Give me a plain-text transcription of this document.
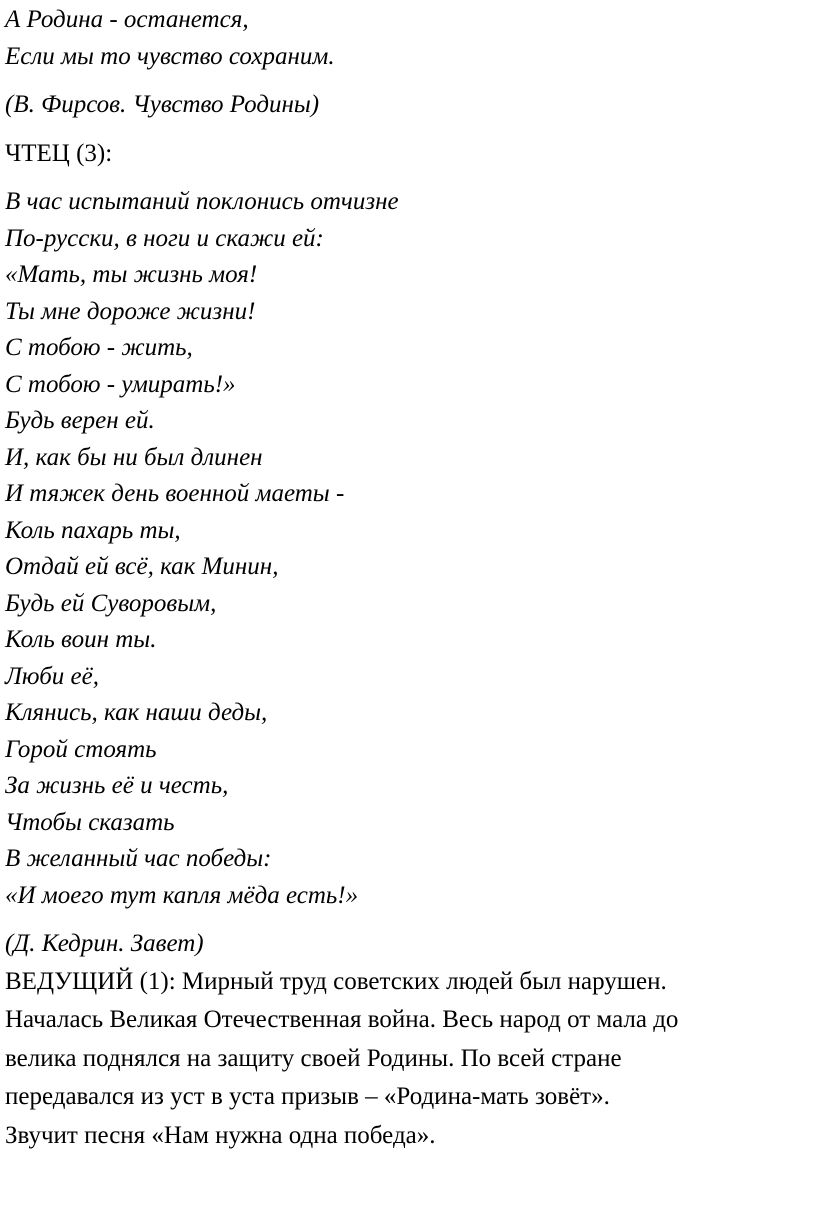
А Родина - останется,
Если мы то чувство сохраним.
(В. Фирсов. Чувство Родины)
ЧТЕЦ (3):
В час испытаний поклонись отчизне
По-русски, в ноги и скажи ей:
«Мать, ты жизнь моя!
Ты мне дороже жизни!
С тобою - жить,
С тобою - умирать!»
Будь верен ей.
И, как бы ни был длинен
И тяжек день военной маеты -
Коль пахарь ты,
Отдай ей всё, как Минин,
Будь ей Суворовым,
Коль воин ты.
Люби её,
Клянись, как наши деды,
Горой стоять
За жизнь её и честь,
Чтобы сказать
В желанный час победы:
«И моего тут капля мёда есть!»
(Д. Кедрин. Завет)
ВЕДУЩИЙ (1): Мирный труд советских людей был нарушен.
Началась Великая Отечественная война. Весь народ от мала до
велика поднялся на защиту своей Родины. По всей стране
передавался из уст в уста призыв – «Родина-мать зовёт».
Звучит песня «Нам нужна одна победа».
